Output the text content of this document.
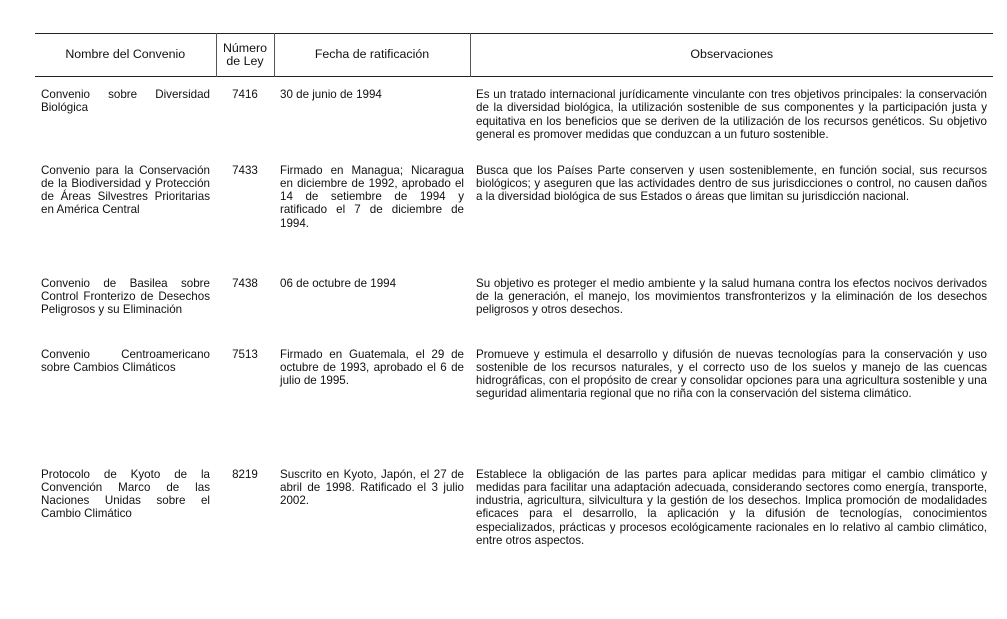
Nombre del Convenio	Número de Ley	Fecha de ratificación	Observaciones
Convenio sobre Diversidad Biológica	7416	30 de junio de 1994	Es un tratado internacional jurídicamente vinculante con tres objetivos principales: la conservación de la diversidad biológica, la utilización sostenible de sus componentes y la participación justa y equitativa en los beneficios que se deriven de la utilización de los recursos genéticos. Su objetivo general es promover medidas que conduzcan a un futuro sostenible.
Convenio para la Conservación de la Biodiversidad y Protección de Áreas Silvestres Prioritarias en América Central	7433	Firmado en Managua; Nicaragua en diciembre de 1992, aprobado el 14 de setiembre de 1994 y ratificado el 7 de diciembre de 1994.	Busca que los Países Parte conserven y usen sosteniblemente, en función social, sus recursos biológicos; y aseguren que las actividades dentro de sus jurisdicciones o control, no causen daños a la diversidad biológica de sus Estados o áreas que limitan su jurisdicción nacional.
Convenio de Basilea sobre Control Fronterizo de Desechos Peligrosos y su Eliminación	7438	06 de octubre de 1994	Su objetivo es proteger el medio ambiente y la salud humana contra los efectos nocivos derivados de la generación, el manejo, los movimientos transfronterizos y la eliminación de los desechos peligrosos y otros desechos.
Convenio Centroamericano sobre Cambios Climáticos	7513	Firmado en Guatemala, el 29 de octubre de 1993, aprobado el 6 de julio de 1995.	Promueve y estimula el desarrollo y difusión de nuevas tecnologías para la conservación y uso sostenible de los recursos naturales, y el correcto uso de los suelos y manejo de las cuencas hidrográficas, con el propósito de crear y consolidar opciones para una agricultura sostenible y una seguridad alimentaria regional que no riña con la conservación del sistema climático.
Protocolo de Kyoto de la Convención Marco de las Naciones Unidas sobre el Cambio Climático	8219	Suscrito en Kyoto, Japón, el 27 de abril de 1998. Ratificado el 3 julio 2002.	Establece la obligación de las partes para aplicar medidas para mitigar el cambio climático y medidas para facilitar una adaptación adecuada, considerando sectores como energía, transporte, industria, agricultura, silvicultura y la gestión de los desechos. Implica promoción de modalidades eficaces para el desarrollo, la aplicación y la difusión de tecnologías, conocimientos especializados, prácticas y procesos ecológicamente racionales en lo relativo al cambio climático, entre otros aspectos.
